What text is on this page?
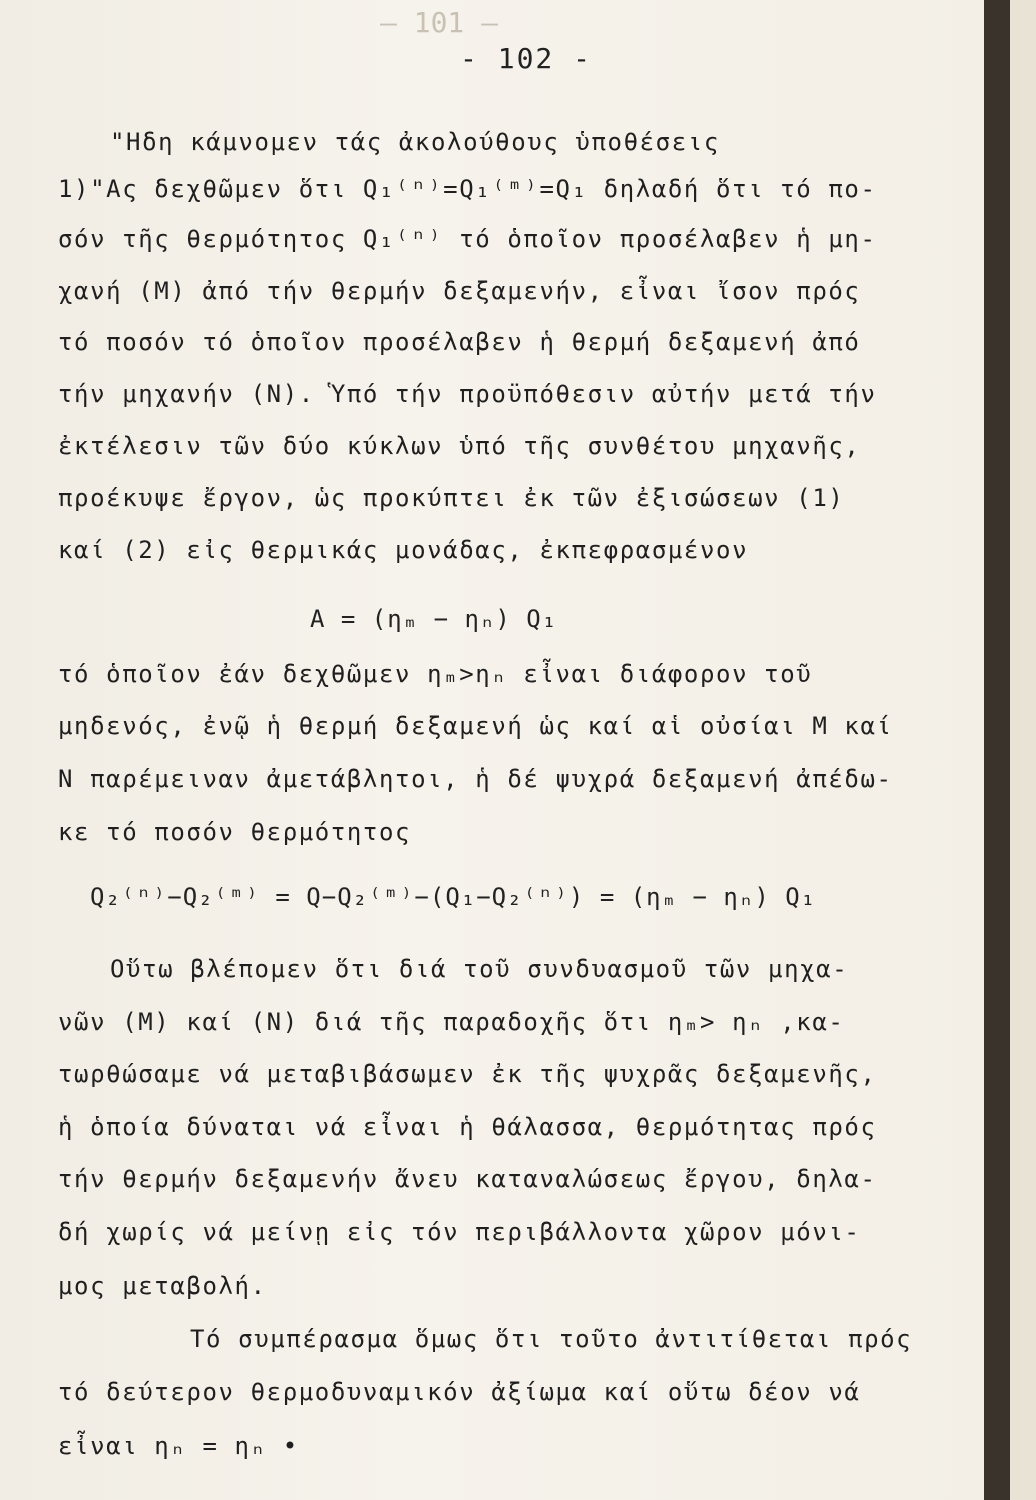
— 101 —
- 102 -
"Ηδη κάμνομεν τάς ἀκολούθους ὑποθέσεις
1)"Ας δεχθῶμεν ὅτι Q₁⁽ⁿ⁾=Q₁⁽ᵐ⁾=Q₁ δηλαδή ὅτι τό πο-
σόν τῆς θερμότητος Q₁⁽ⁿ⁾ τό ὁποῖον προσέλαβεν ἡ μη-
χανή (Μ) ἀπό τήν θερμήν δεξαμενήν, εἶναι ἴσον πρός
τό ποσόν τό ὁποῖον προσέλαβεν ἡ θερμή δεξαμενή ἀπό
τήν μηχανήν (Ν). Ὑπό τήν προϋπόθεσιν αὐτήν μετά τήν
ἐκτέλεσιν τῶν δύο κύκλων ὑπό τῆς συνθέτου μηχανῆς,
προέκυψε ἔργον, ὡς προκύπτει ἐκ τῶν ἐξισώσεων (1)
καί (2) εἰς θερμικάς μονάδας, ἐκπεφρασμένον
A = (ηₘ − ηₙ) Q₁
τό ὁποῖον ἐάν δεχθῶμεν ηₘ>ηₙ εἶναι διάφορον τοῦ
μηδενός, ἐνῷ ἡ θερμή δεξαμενή ὡς καί αἱ οὐσίαι Μ καί
Ν παρέμειναν ἀμετάβλητοι, ἡ δέ ψυχρά δεξαμενή ἀπέδω-
κε τό ποσόν θερμότητος
Q₂⁽ⁿ⁾−Q₂⁽ᵐ⁾ = Q−Q₂⁽ᵐ⁾−(Q₁−Q₂⁽ⁿ⁾) = (ηₘ − ηₙ) Q₁
Οὕτω βλέπομεν ὅτι διά τοῦ συνδυασμοῦ τῶν μηχα-
νῶν (Μ) καί (Ν) διά τῆς παραδοχῆς ὅτι ηₘ> ηₙ ,κα-
τωρθώσαμε νά μεταβιβάσωμεν ἐκ τῆς ψυχρᾶς δεξαμενῆς,
ἡ ὁποία δύναται νά εἶναι ἡ θάλασσα, θερμότητας πρός
τήν θερμήν δεξαμενήν ἄνευ καταναλώσεως ἔργου, δηλα-
δή χωρίς νά μείνῃ εἰς τόν περιβάλλοντα χῶρον μόνι-
μος μεταβολή.
Τό συμπέρασμα ὅμως ὅτι τοῦτο ἀντιτίθεται πρός
τό δεύτερον θερμοδυναμικόν ἀξίωμα καί οὕτω δέον νά
εἶναι ηₙ = ηₙ •
